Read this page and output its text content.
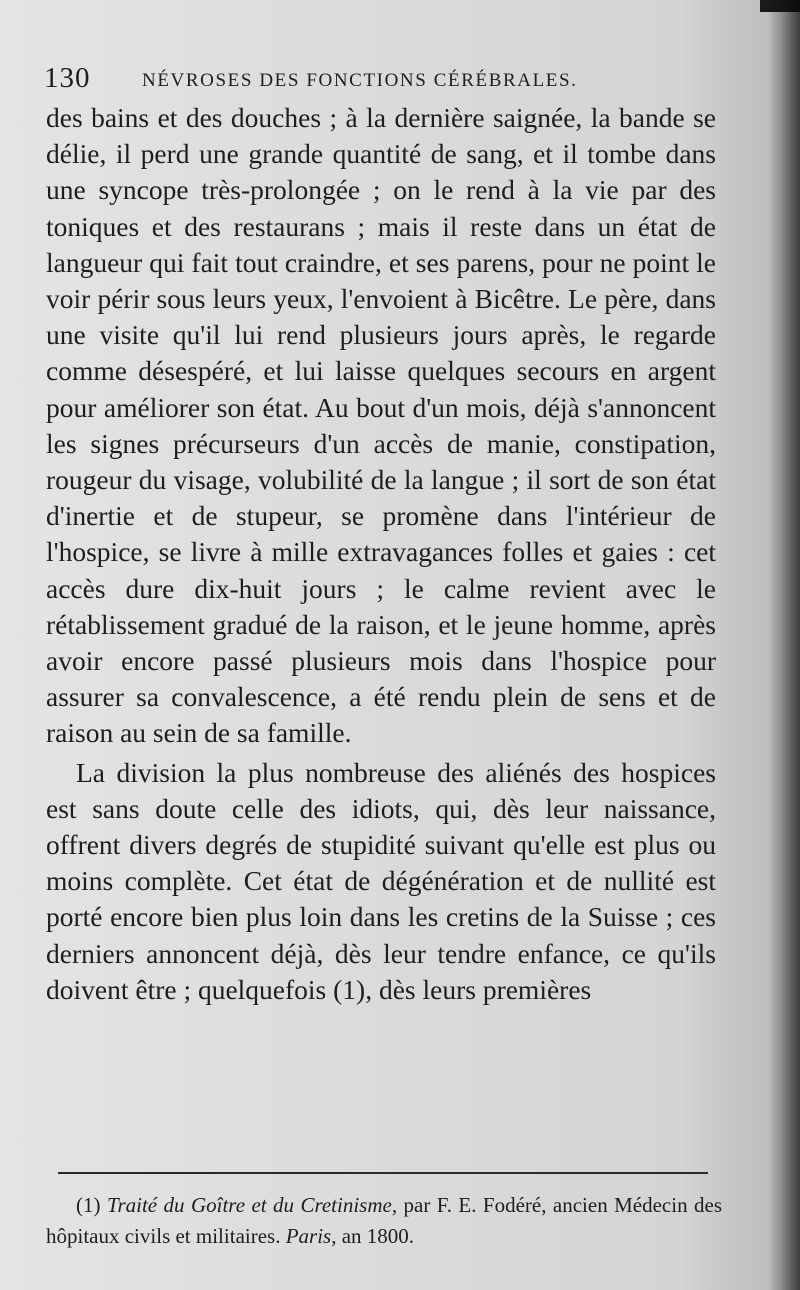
130	NÉVROSES DES FONCTIONS CÉRÉBRALES.

des bains et des douches ; à la dernière saignée, la bande se délie, il perd une grande quantité de sang, et il tombe dans une syncope très-prolongée ; on le rend à la vie par des toniques et des restaurans ; mais il reste dans un état de langueur qui fait tout craindre, et ses parens, pour ne point le voir périr sous leurs yeux, l'envoient à Bicêtre. Le père, dans une visite qu'il lui rend plusieurs jours après, le regarde comme désespéré, et lui laisse quelques secours en argent pour améliorer son état. Au bout d'un mois, déjà s'annoncent les signes précurseurs d'un accès de manie, constipation, rougeur du visage, volubilité de la langue ; il sort de son état d'inertie et de stupeur, se promène dans l'intérieur de l'hospice, se livre à mille extravagances folles et gaies : cet accès dure dix-huit jours ; le calme revient avec le rétablissement gradué de la raison, et le jeune homme, après avoir encore passé plusieurs mois dans l'hospice pour assurer sa convalescence, a été rendu plein de sens et de raison au sein de sa famille.

La division la plus nombreuse des aliénés des hospices est sans doute celle des idiots, qui, dès leur naissance, offrent divers degrés de stupidité suivant qu'elle est plus ou moins complète. Cet état de dégénération et de nullité est porté encore bien plus loin dans les cretins de la Suisse ; ces derniers annoncent déjà, dès leur tendre enfance, ce qu'ils doivent être ; quelquefois (1), dès leurs premières

(1) Traité du Goître et du Cretinisme, par F. E. Fodéré, ancien Médecin des hôpitaux civils et militaires. Paris, an 1800.
